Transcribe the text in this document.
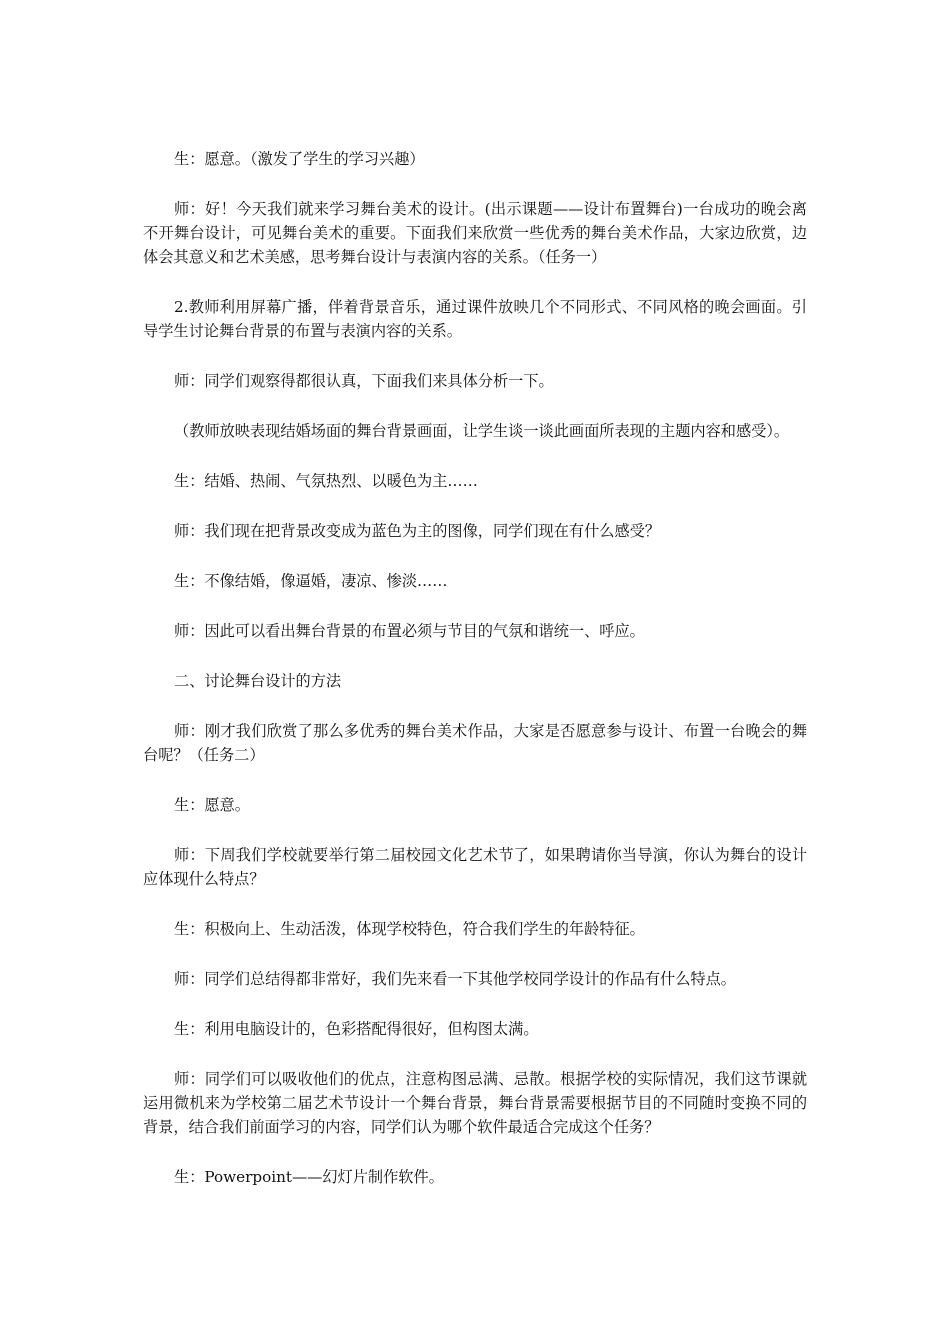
生：愿意。（激发了学生的学习兴趣）

师：好！今天我们就来学习舞台美术的设计。(出示课题——设计布置舞台)一台成功的晚会离不开舞台设计，可见舞台美术的重要。下面我们来欣赏一些优秀的舞台美术作品，大家边欣赏，边体会其意义和艺术美感，思考舞台设计与表演内容的关系。（任务一）

2.教师利用屏幕广播，伴着背景音乐，通过课件放映几个不同形式、不同风格的晚会画面。引导学生讨论舞台背景的布置与表演内容的关系。

师：同学们观察得都很认真，下面我们来具体分析一下。

（教师放映表现结婚场面的舞台背景画面，让学生谈一谈此画面所表现的主题内容和感受）。

生：结婚、热闹、气氛热烈、以暖色为主……

师：我们现在把背景改变成为蓝色为主的图像，同学们现在有什么感受？

生：不像结婚，像逼婚，凄凉、惨淡……

师：因此可以看出舞台背景的布置必须与节目的气氛和谐统一、呼应。

二、讨论舞台设计的方法

师：刚才我们欣赏了那么多优秀的舞台美术作品，大家是否愿意参与设计、布置一台晚会的舞台呢？（任务二）

生：愿意。

师：下周我们学校就要举行第二届校园文化艺术节了，如果聘请你当导演，你认为舞台的设计应体现什么特点？

生：积极向上、生动活泼，体现学校特色，符合我们学生的年龄特征。

师：同学们总结得都非常好，我们先来看一下其他学校同学设计的作品有什么特点。

生：利用电脑设计的，色彩搭配得很好，但构图太满。

师：同学们可以吸收他们的优点，注意构图忌满、忌散。根据学校的实际情况，我们这节课就运用微机来为学校第二届艺术节设计一个舞台背景，舞台背景需要根据节目的不同随时变换不同的背景，结合我们前面学习的内容，同学们认为哪个软件最适合完成这个任务？

生：Powerpoint——幻灯片制作软件。
